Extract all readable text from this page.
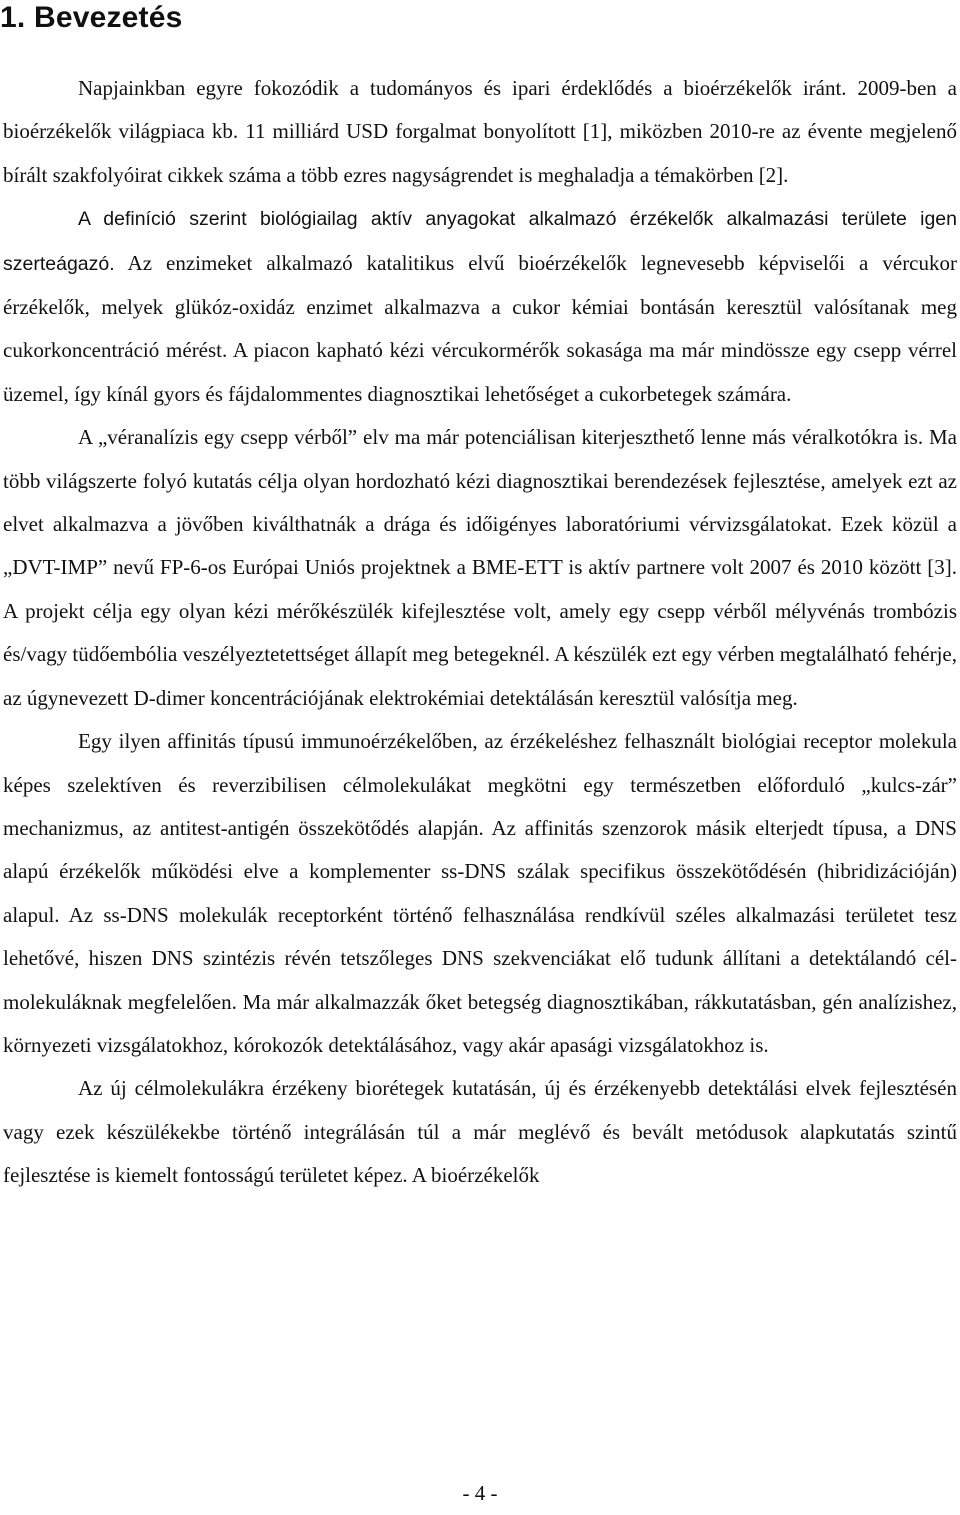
1. Bevezetés

Napjainkban egyre fokozódik a tudományos és ipari érdeklődés a bioérzékelők iránt. 2009-ben a bioérzékelők világpiaca kb. 11 milliárd USD forgalmat bonyolított [1], miközben 2010-re az évente megjelenő bírált szakfolyóirat cikkek száma a több ezres nagyságrendet is meghaladja a témakörben [2].

A definíció szerint biológiailag aktív anyagokat alkalmazó érzékelők alkalmazási területe igen szerteágazó. Az enzimeket alkalmazó katalitikus elvű bioérzékelők legnevesebb képviselői a vércukor érzékelők, melyek glükóz-oxidáz enzimet alkalmazva a cukor kémiai bontásán keresztül valósítanak meg cukorkoncentráció mérést. A piacon kapható kézi vércukormérők sokasága ma már mindössze egy csepp vérrel üzemel, így kínál gyors és fájdalommentes diagnosztikai lehetőséget a cukorbetegek számára.

A „véranalízis egy csepp vérből” elv ma már potenciálisan kiterjeszthető lenne más véralkotókra is. Ma több világszerte folyó kutatás célja olyan hordozható kézi diagnosztikai berendezések fejlesztése, amelyek ezt az elvet alkalmazva a jövőben kiválthatnák a drága és időigényes laboratóriumi vérvizsgálatokat. Ezek közül a „DVT-IMP” nevű FP-6-os Európai Uniós projektnek a BME-ETT is aktív partnere volt 2007 és 2010 között [3]. A projekt célja egy olyan kézi mérőkészülék kifejlesztése volt, amely egy csepp vérből mélyvénás trombózis és/vagy tüdőembólia veszélyeztetettséget állapít meg betegeknél. A készülék ezt egy vérben megtalálható fehérje, az úgynevezett D-dimer koncentrációjának elektrokémiai detektálásán keresztül valósítja meg.

Egy ilyen affinitás típusú immunoérzékelőben, az érzékeléshez felhasznált biológiai receptor molekula képes szelektíven és reverzibilisen célmolekulákat megkötni egy természetben előforduló „kulcs-zár” mechanizmus, az antitest-antigén összekötődés alapján. Az affinitás szenzorok másik elterjedt típusa, a DNS alapú érzékelők működési elve a komplementer ss-DNS szálak specifikus összekötődésén (hibridizációján) alapul. Az ss-DNS molekulák receptorként történő felhasználása rendkívül széles alkalmazási területet tesz lehetővé, hiszen DNS szintézis révén tetszőleges DNS szekvenciákat elő tudunk állítani a detektálandó cél-molekuláknak megfelelően. Ma már alkalmazzák őket betegség diagnosztikában, rákkutatásban, gén analízishez, környezeti vizsgálatokhoz, kórokozók detektálásához, vagy akár apasági vizsgálatokhoz is.

Az új célmolekulákra érzékeny biorétegek kutatásán, új és érzékenyebb detektálási elvek fejlesztésén vagy ezek készülékekbe történő integrálásán túl a már meglévő és bevált metódusok alapkutatás szintű fejlesztése is kiemelt fontosságú területet képez. A bioérzékelők

- 4 -
